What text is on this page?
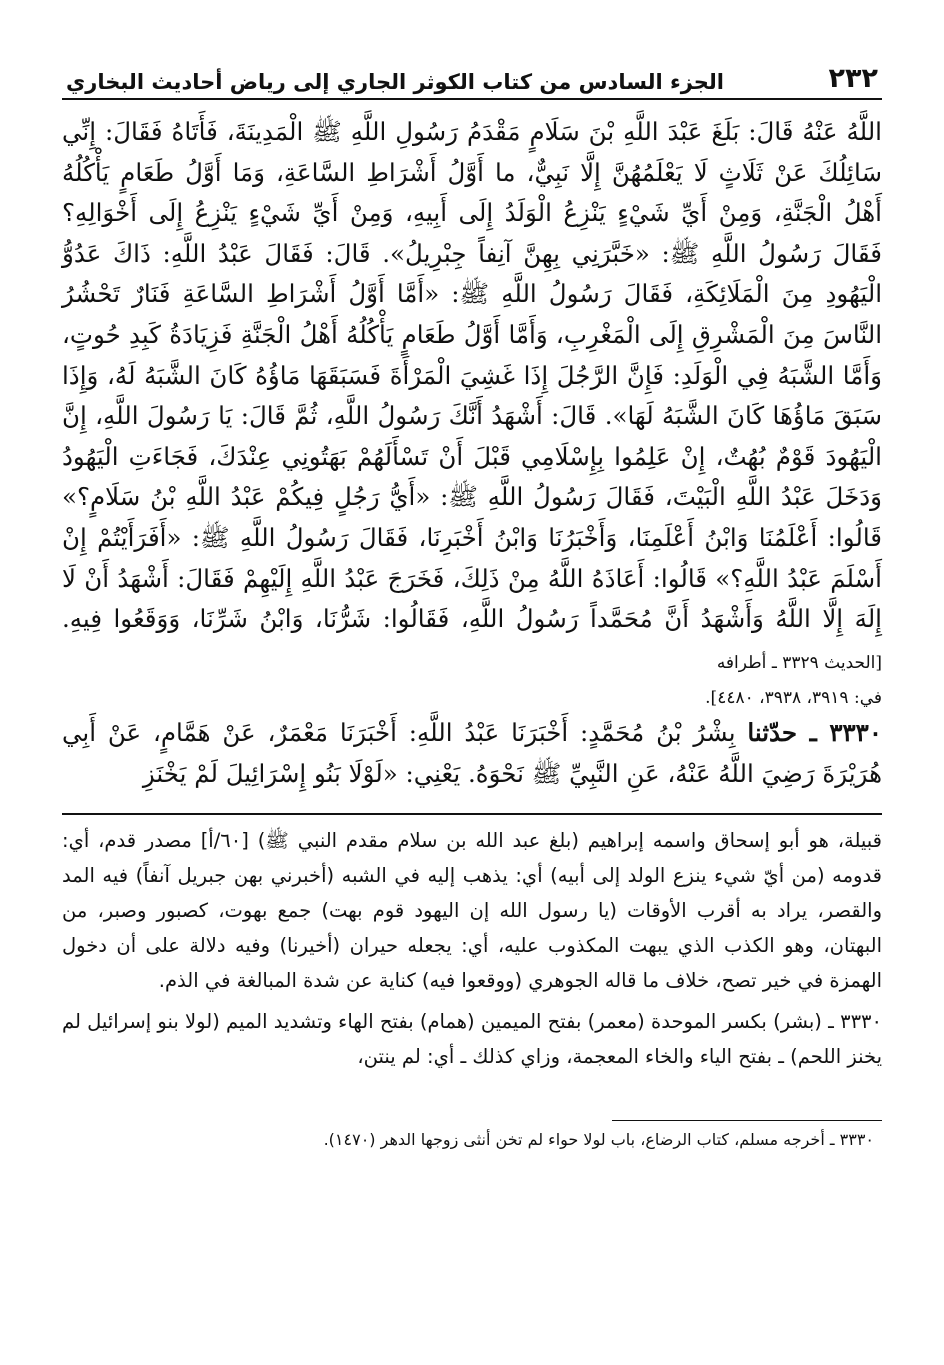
٢٣٢
الجزء السادس من كتاب الكوثر الجاري إلى رياض أحاديث البخاري

اللَّهُ عَنْهُ قَالَ: بَلَغَ عَبْدَ اللَّهِ بْنَ سَلَامٍ مَقْدَمُ رَسُولِ اللَّهِ ﷺ الْمَدِينَةَ، فَأَتَاهُ فَقَالَ: إِنِّي سَائِلُكَ عَنْ ثَلَاثٍ لَا يَعْلَمُهُنَّ إِلَّا نَبِيٌّ، ما أَوَّلُ أَشْرَاطِ السَّاعَةِ، وَمَا أَوَّلُ طَعَامٍ يَأْكُلُهُ أَهْلُ الْجَنَّةِ، وَمِنْ أَيِّ شَيْءٍ يَنْزِعُ الْوَلَدُ إِلَى أَبِيهِ، وَمِنْ أَيِّ شَيْءٍ يَنْزِعُ إِلَى أَخْوَالِهِ؟ فَقَالَ رَسُولُ اللَّهِ ﷺ: «خَبَّرَنِي بِهِنَّ آنِفاً جِبْرِيلُ». قَالَ: فَقَالَ عَبْدُ اللَّهِ: ذَاكَ عَدُوُّ الْيَهُودِ مِنَ الْمَلَائِكَةِ، فَقَالَ رَسُولُ اللَّهِ ﷺ: «أَمَّا أَوَّلُ أَشْرَاطِ السَّاعَةِ فَنَارٌ تَحْشُرُ النَّاسَ مِنَ الْمَشْرِقِ إِلَى الْمَغْرِبِ، وَأَمَّا أَوَّلُ طَعَامٍ يَأْكُلُهُ أَهْلُ الْجَنَّةِ فَزِيَادَةُ كَبِدِ حُوتٍ، وَأَمَّا الشَّبَهُ فِي الْوَلَدِ: فَإِنَّ الرَّجُلَ إِذَا غَشِيَ الْمَرْأَةَ فَسَبَقَهَا مَاؤُهُ كَانَ الشَّبَهُ لَهُ، وَإِذَا سَبَقَ مَاؤُهَا كَانَ الشَّبَهُ لَهَا». قَالَ: أَشْهَدُ أَنَّكَ رَسُولُ اللَّهِ، ثُمَّ قَالَ: يَا رَسُولَ اللَّهِ، إِنَّ الْيَهُودَ قَوْمٌ بُهُتٌ، إِنْ عَلِمُوا بِإِسْلَامِي قَبْلَ أَنْ تَسْأَلَهُمْ بَهَتُونِي عِنْدَكَ، فَجَاءَتِ الْيَهُودُ وَدَخَلَ عَبْدُ اللَّهِ الْبَيْتَ، فَقَالَ رَسُولُ اللَّهِ ﷺ: «أَيُّ رَجُلٍ فِيكُمْ عَبْدُ اللَّهِ بْنُ سَلَامٍ؟» قَالُوا: أَعْلَمُنَا وَابْنُ أَعْلَمِنَا، وَأَخْبَرُنَا وَابْنُ أَخْبَرِنَا، فَقَالَ رَسُولُ اللَّهِ ﷺ: «أَفَرَأَيْتُمْ إِنْ أَسْلَمَ عَبْدُ اللَّهِ؟» قَالُوا: أَعَاذَهُ اللَّهُ مِنْ ذَلِكَ، فَخَرَجَ عَبْدُ اللَّهِ إِلَيْهِمْ فَقَالَ: أَشْهَدُ أَنْ لَا إِلَهَ إِلَّا اللَّهُ وَأَشْهَدُ أَنَّ مُحَمَّداً رَسُولُ اللَّهِ، فَقَالُوا: شَرُّنَا، وَابْنُ شَرِّنَا، وَوَقَعُوا فِيهِ. [الحديث ٣٣٢٩ ـ أطرافه

في: ٣٩١٩، ٣٩٣٨، ٤٤٨٠].

٣٣٣٠ ـ حدّثنا بِشْرُ بْنُ مُحَمَّدٍ: أَخْبَرَنَا عَبْدُ اللَّهِ: أَخْبَرَنَا مَعْمَرٌ، عَنْ هَمَّامٍ، عَنْ أَبِي هُرَيْرَةَ رَضِيَ اللَّهُ عَنْهُ، عَنِ النَّبِيِّ ﷺ نَحْوَهُ. يَعْنِي: «لَوْلَا بَنُو إِسْرَائِيلَ لَمْ يَخْنَزِ

قبيلة، هو أبو إسحاق واسمه إبراهيم (بلغ عبد الله بن سلام مقدم النبي ﷺ) [٦٠/أ] مصدر قدم، أي: قدومه (من أيّ شيء ينزع الولد إلى أبيه) أي: يذهب إليه في الشبه (أخبرني بهن جبريل آنفاً) فيه المد والقصر، يراد به أقرب الأوقات (يا رسول الله إن اليهود قوم بهت) جمع بهوت، كصبور وصبر، من البهتان، وهو الكذب الذي يبهت المكذوب عليه، أي: يجعله حيران (أخيرنا) وفيه دلالة على أن دخول الهمزة في خير تصح، خلاف ما قاله الجوهري (ووقعوا فيه) كناية عن شدة المبالغة في الذم.

٣٣٣٠ ـ (بشر) بكسر الموحدة (معمر) بفتح الميمين (همام) بفتح الهاء وتشديد الميم (لولا بنو إسرائيل لم يخنز اللحم) ـ بفتح الياء والخاء المعجمة، وزاي كذلك ـ أي: لم ينتن،

٣٣٣٠ ـ أخرجه مسلم، كتاب الرضاع، باب لولا حواء لم تخن أنثى زوجها الدهر (١٤٧٠).
